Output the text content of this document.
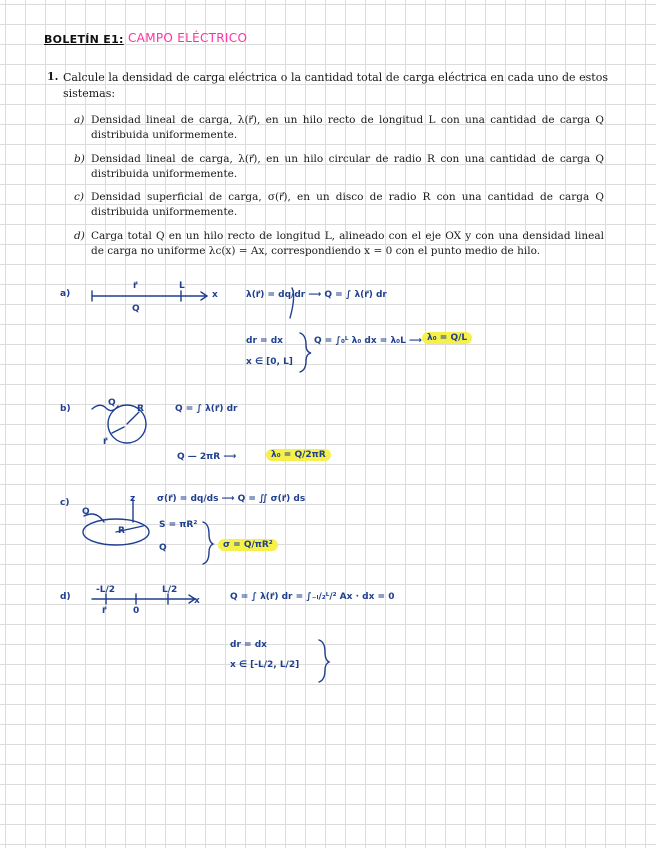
BOLETÍN E1: CAMPO ELÉCTRICO
1. Calcule la densidad de carga eléctrica o la cantidad total de carga eléctrica en cada uno de estos sistemas:
a) Densidad lineal de carga, λ(r⃗), en un hilo recto de longitud L con una cantidad de carga Q distribuida uniformemente.
b) Densidad lineal de carga, λ(r⃗), en un hilo circular de radio R con una cantidad de carga Q distribuida uniformemente.
c) Densidad superficial de carga, σ(r⃗), en un disco de radio R con una cantidad de carga Q distribuida uniformemente.
d) Carga total Q en un hilo recto de longitud L, alineado con el eje OX y con una densidad lineal de carga no uniforme λc(x) = Ax, correspondiendo x = 0 con el punto medio de hilo.
a)
r⃗	L
x
Q
λ(r⃗) = dq/dr ⟶ Q = ∫ λ(r⃗) dr
dr = dx
x ∈ [0, L]
Q = ∫₀ᴸ λ₀ dx = λ₀L ⟶ λ₀ = Q/L
b)
Q
R
r⃗
Q = ∫ λ(r⃗) dr
Q — 2πR ⟶	λ₀ = Q/2πR
c)
Q
R
z σ(r⃗) = dq/ds ⟶ Q = ∬ σ(r⃗) ds
S = πR²
Q	σ = Q/πR²
d)
-L/2	L/2
r⃗	0
x	Q = ∫ λ(r⃗) dr = ∫₋ₗ/₂ᴸ/² Ax · dx = 0
dr = dx
x ∈ [-L/2, L/2]
